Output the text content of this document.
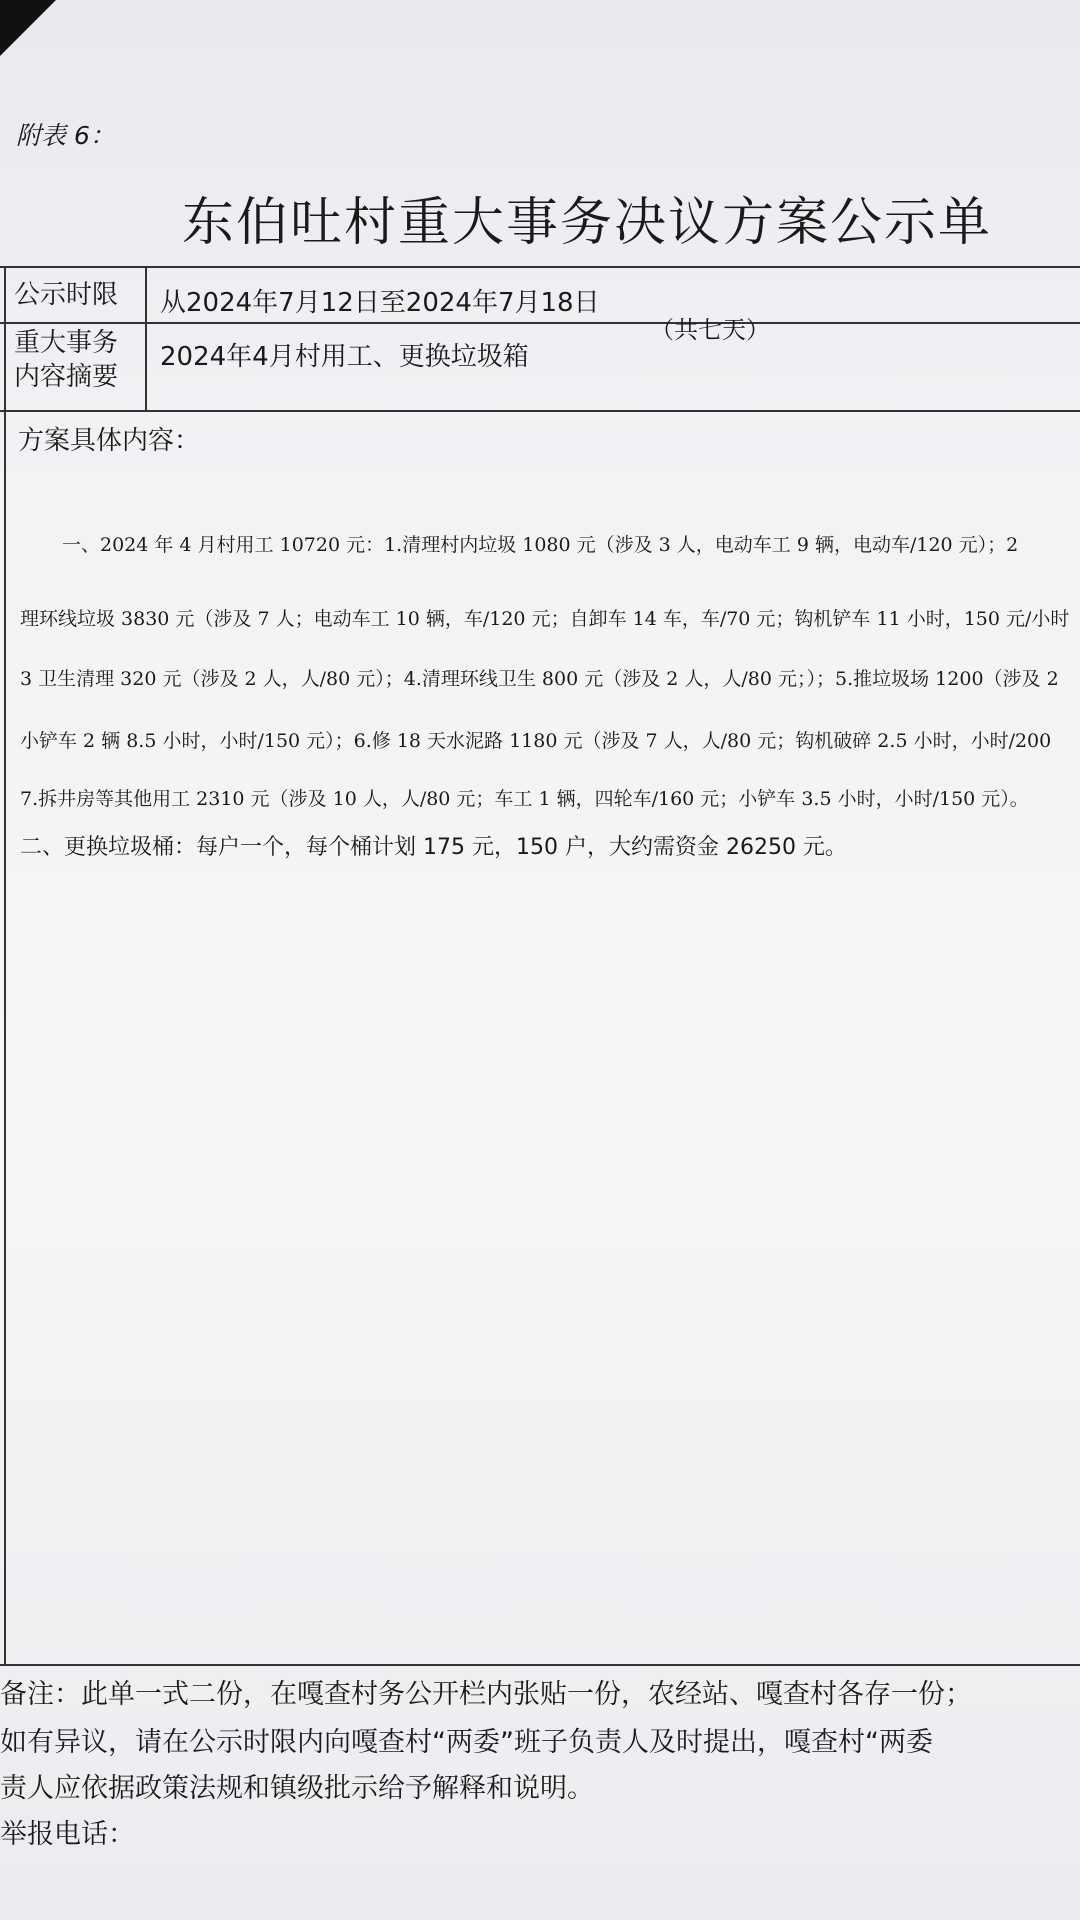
附表 6：
东伯吐村重大事务决议方案公示单
公示时限	从2024年7月12日至2024年7月18日
（共七天）
重大事务内容摘要
2024年4月村用工、更换垃圾箱
方案具体内容：
一、2024 年 4 月村用工 10720 元：1.清理村内垃圾 1080 元（涉及 3 人，电动车工 9 辆，电动车/120 元）；2
理环线垃圾 3830 元（涉及 7 人；电动车工 10 辆，车/120 元；自卸车 14 车，车/70 元；钩机铲车 11 小时，150 元/小时
3 卫生清理 320 元（涉及 2 人，人/80 元）；4.清理环线卫生 800 元（涉及 2 人，人/80 元；）；5.推垃圾场 1200（涉及 2
小铲车 2 辆 8.5 小时，小时/150 元）；6.修 18 天水泥路 1180 元（涉及 7 人，人/80 元；钩机破碎 2.5 小时，小时/200
7.拆井房等其他用工 2310 元（涉及 10 人，人/80 元；车工 1 辆，四轮车/160 元；小铲车 3.5 小时，小时/150 元）。
二、更换垃圾桶：每户一个，每个桶计划 175 元，150 户，大约需资金 26250 元。
备注：此单一式二份，在嘎查村务公开栏内张贴一份，农经站、嘎查村各存一份；
如有异议，请在公示时限内向嘎查村“两委”班子负责人及时提出，嘎查村“两委
责人应依据政策法规和镇级批示给予解释和说明。
举报电话：
